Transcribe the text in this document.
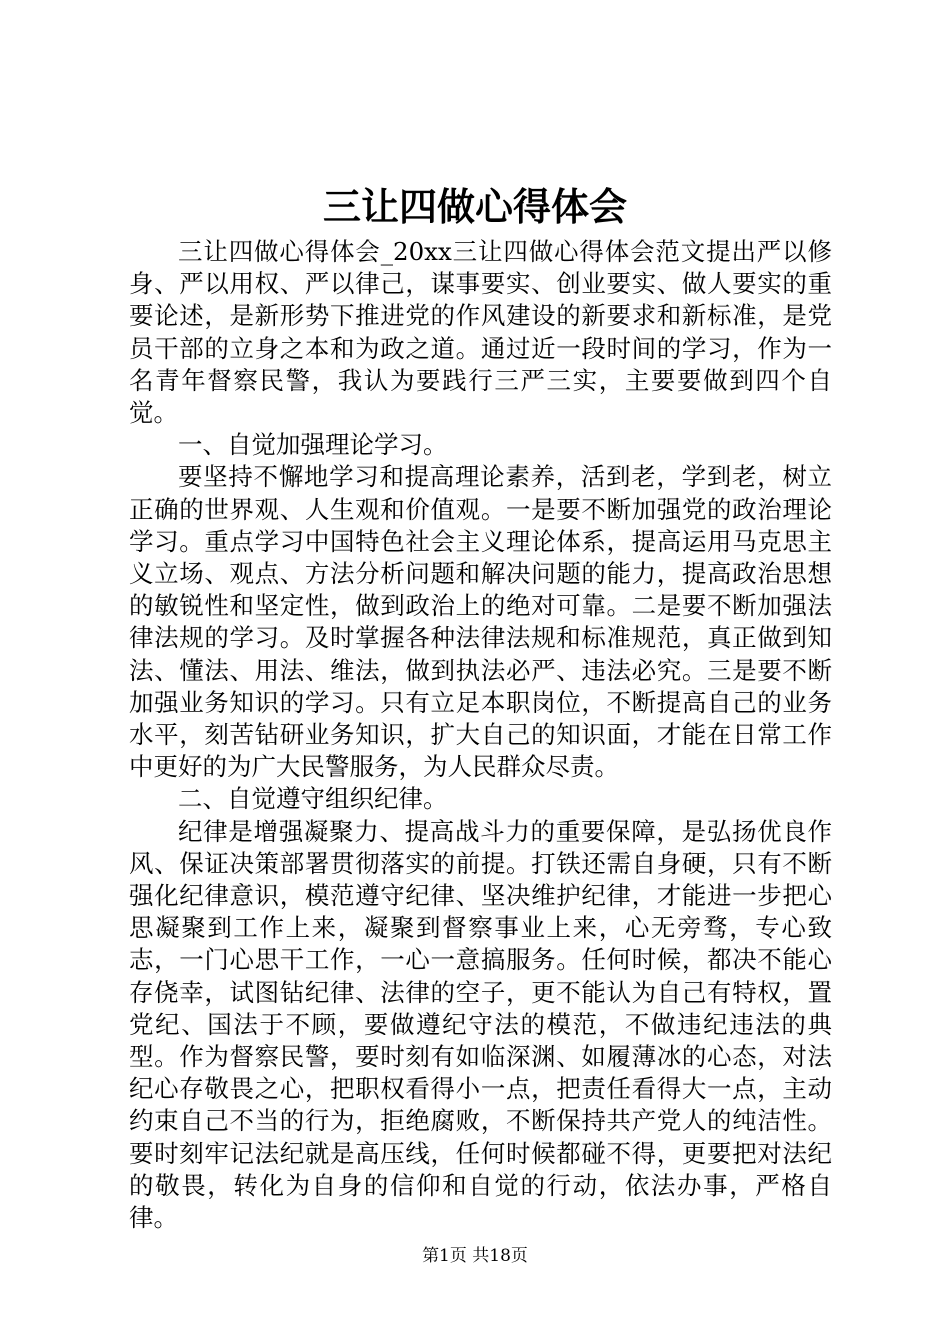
三让四做心得体会

三让四做心得体会_20xx三让四做心得体会范文提出严以修身、严以用权、严以律己，谋事要实、创业要实、做人要实的重要论述，是新形势下推进党的作风建设的新要求和新标准，是党员干部的立身之本和为政之道。通过近一段时间的学习，作为一名青年督察民警，我认为要践行三严三实，主要要做到四个自觉。

一、自觉加强理论学习。

要坚持不懈地学习和提高理论素养，活到老，学到老，树立正确的世界观、人生观和价值观。一是要不断加强党的政治理论学习。重点学习中国特色社会主义理论体系，提高运用马克思主义立场、观点、方法分析问题和解决问题的能力，提高政治思想的敏锐性和坚定性，做到政治上的绝对可靠。二是要不断加强法律法规的学习。及时掌握各种法律法规和标准规范，真正做到知法、懂法、用法、维法，做到执法必严、违法必究。三是要不断加强业务知识的学习。只有立足本职岗位，不断提高自己的业务水平，刻苦钻研业务知识，扩大自己的知识面，才能在日常工作中更好的为广大民警服务，为人民群众尽责。

二、自觉遵守组织纪律。

纪律是增强凝聚力、提高战斗力的重要保障，是弘扬优良作风、保证决策部署贯彻落实的前提。打铁还需自身硬，只有不断强化纪律意识，模范遵守纪律、坚决维护纪律，才能进一步把心思凝聚到工作上来，凝聚到督察事业上来，心无旁骛，专心致志，一门心思干工作，一心一意搞服务。任何时候，都决不能心存侥幸，试图钻纪律、法律的空子，更不能认为自己有特权，置党纪、国法于不顾，要做遵纪守法的模范，不做违纪违法的典型。作为督察民警，要时刻有如临深渊、如履薄冰的心态，对法纪心存敬畏之心，把职权看得小一点，把责任看得大一点，主动约束自己不当的行为，拒绝腐败，不断保持共产党人的纯洁性。要时刻牢记法纪就是高压线，任何时候都碰不得，更要把对法纪的敬畏，转化为自身的信仰和自觉的行动，依法办事，严格自律。

第1页 共18页
